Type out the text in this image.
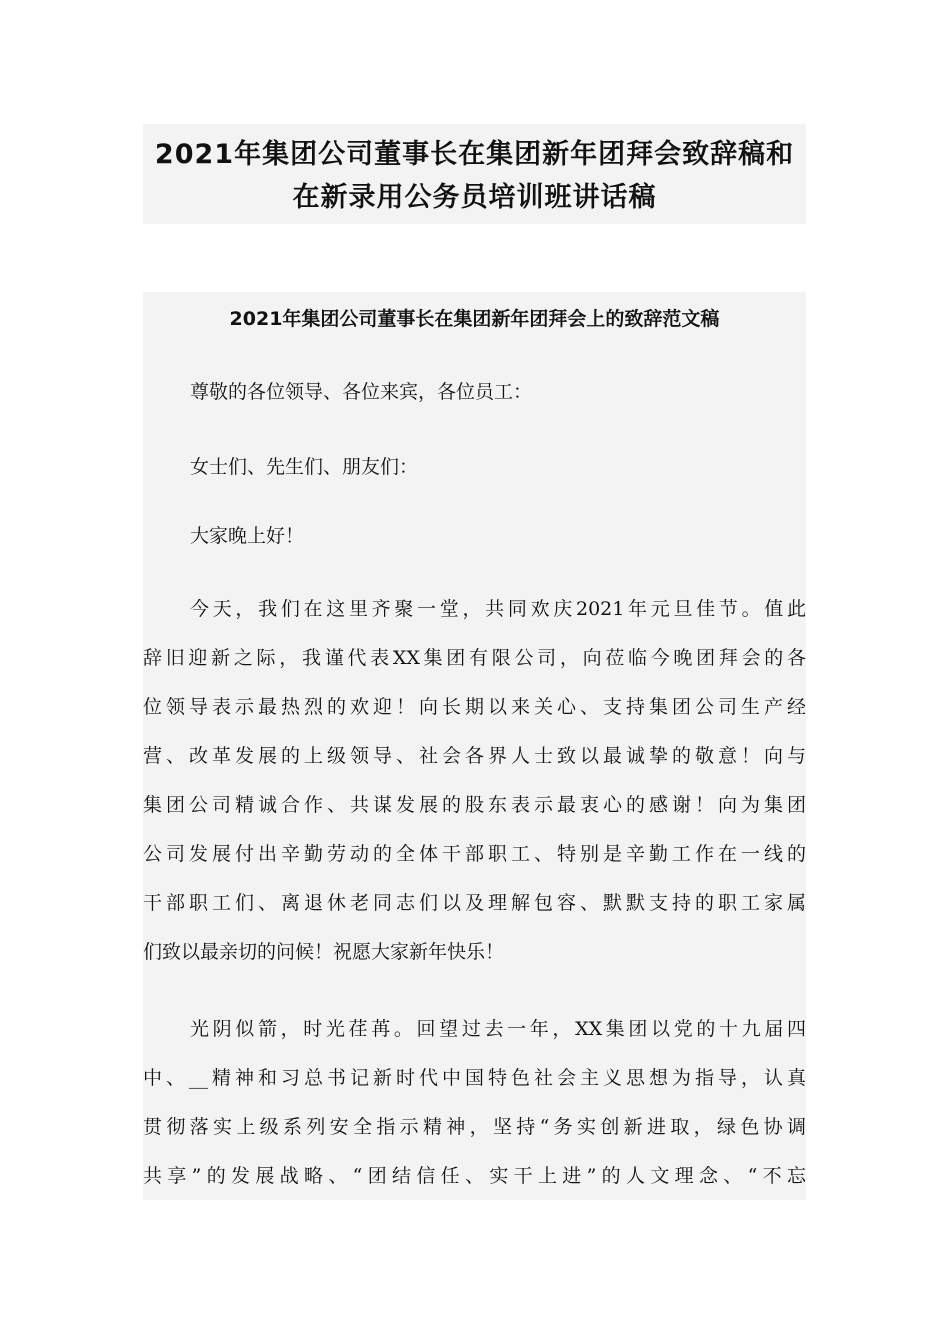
2021年集团公司董事长在集团新年团拜会致辞稿和
在新录用公务员培训班讲话稿
2021年集团公司董事长在集团新年团拜会上的致辞范文稿

尊敬的各位领导、各位来宾，各位员工：

女士们、先生们、朋友们：

大家晚上好！

今天，我们在这里齐聚一堂，共同欢庆2021年元旦佳节。值此
辞旧迎新之际，我谨代表XX集团有限公司，向莅临今晚团拜会的各
位领导表示最热烈的欢迎！向长期以来关心、支持集团公司生产经
营、改革发展的上级领导、社会各界人士致以最诚挚的敬意！向与
集团公司精诚合作、共谋发展的股东表示最衷心的感谢！向为集团
公司发展付出辛勤劳动的全体干部职工、特别是辛勤工作在一线的
干部职工们、离退休老同志们以及理解包容、默默支持的职工家属
们致以最亲切的问候！祝愿大家新年快乐！

光阴似箭，时光荏苒。回望过去一年，XX集团以党的十九届四
中、__精神和习总书记新时代中国特色社会主义思想为指导，认真
贯彻落实上级系列安全指示精神，坚持“务实创新进取，绿色协调
共享”的发展战略、“团结信任、实干上进”的人文理念、“不忘
